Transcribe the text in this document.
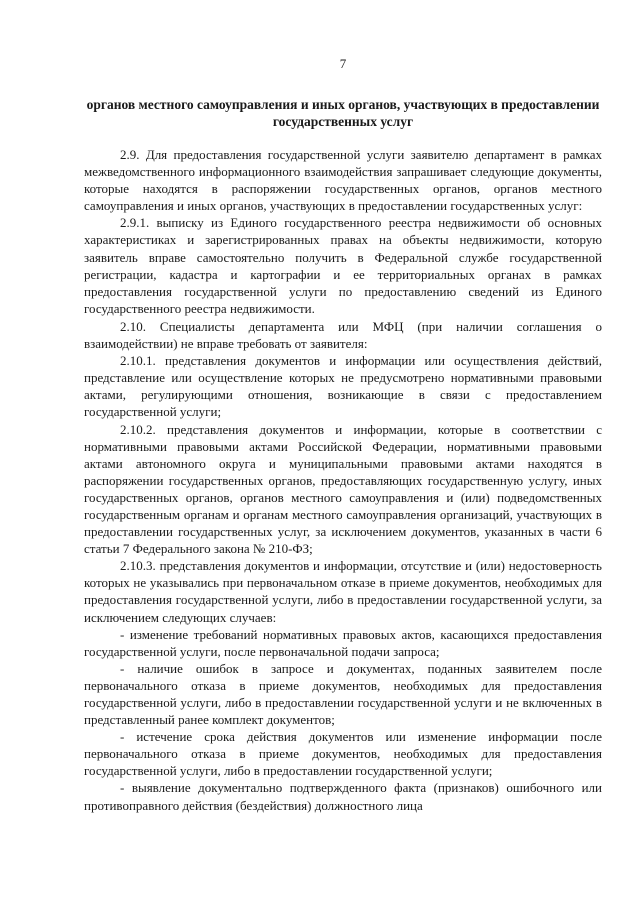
7
органов местного самоуправления и иных органов, участвующих в предоставлении государственных услуг

2.9. Для предоставления государственной услуги заявителю департамент в рамках межведомственного информационного взаимодействия запрашивает следующие документы, которые находятся в распоряжении государственных органов, органов местного самоуправления и иных органов, участвующих в предоставлении государственных услуг:

2.9.1. выписку из Единого государственного реестра недвижимости об основных характеристиках и зарегистрированных правах на объекты недвижимости, которую заявитель вправе самостоятельно получить в Федеральной службе государственной регистрации, кадастра и картографии и ее территориальных органах в рамках предоставления государственной услуги по предоставлению сведений из Единого государственного реестра недвижимости.

2.10. Специалисты департамента или МФЦ (при наличии соглашения о взаимодействии) не вправе требовать от заявителя:

2.10.1. представления документов и информации или осуществления действий, представление или осуществление которых не предусмотрено нормативными правовыми актами, регулирующими отношения, возникающие в связи с предоставлением государственной услуги;

2.10.2. представления документов и информации, которые в соответствии с нормативными правовыми актами Российской Федерации, нормативными правовыми актами автономного округа и муниципальными правовыми актами находятся в распоряжении государственных органов, предоставляющих государственную услугу, иных государственных органов, органов местного самоуправления и (или) подведомственных государственным органам и органам местного самоуправления организаций, участвующих в предоставлении государственных услуг, за исключением документов, указанных в части 6 статьи 7 Федерального закона № 210-ФЗ;

2.10.3. представления документов и информации, отсутствие и (или) недостоверность которых не указывались при первоначальном отказе в приеме документов, необходимых для предоставления государственной услуги, либо в предоставлении государственной услуги, за исключением следующих случаев:

- изменение требований нормативных правовых актов, касающихся предоставления государственной услуги, после первоначальной подачи запроса;

- наличие ошибок в запросе и документах, поданных заявителем после первоначального отказа в приеме документов, необходимых для предоставления государственной услуги, либо в предоставлении государственной услуги и не включенных в представленный ранее комплект документов;

- истечение срока действия документов или изменение информации после первоначального отказа в приеме документов, необходимых для предоставления государственной услуги, либо в предоставлении государственной услуги;

- выявление документально подтвержденного факта (признаков) ошибочного или противоправного действия (бездействия) должностного лица
